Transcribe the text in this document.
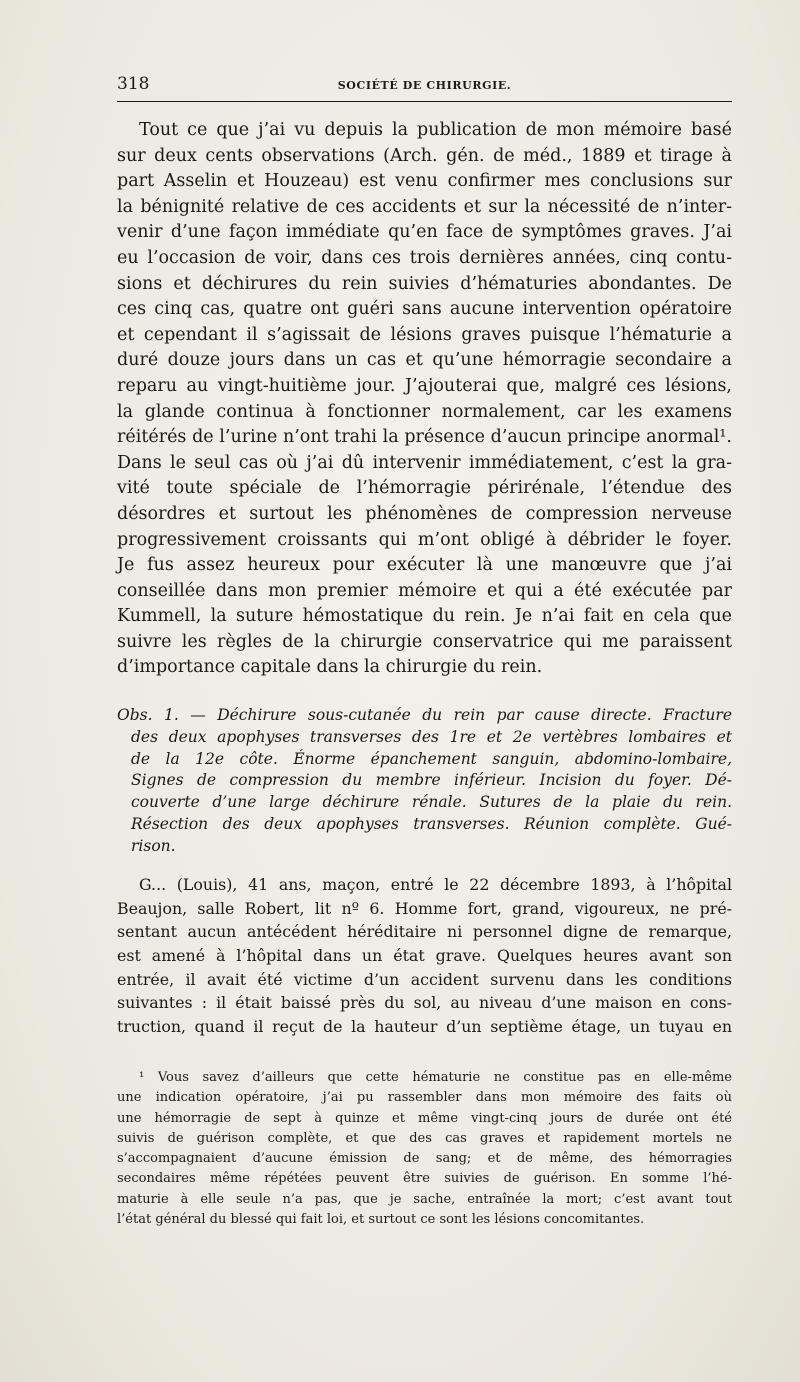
318	SOCIÉTÉ DE CHIRURGIE.
Tout ce que j’ai vu depuis la publication de mon mémoire basé
sur deux cents observations (Arch. gén. de méd., 1889 et tirage à
part Asselin et Houzeau) est venu confirmer mes conclusions sur
la bénignité relative de ces accidents et sur la nécessité de n’inter-
venir d’une façon immédiate qu’en face de symptômes graves. J’ai
eu l’occasion de voir, dans ces trois dernières années, cinq contu-
sions et déchirures du rein suivies d’hématuries abondantes. De
ces cinq cas, quatre ont guéri sans aucune intervention opératoire
et cependant il s’agissait de lésions graves puisque l’hématurie a
duré douze jours dans un cas et qu’une hémorragie secondaire a
reparu au vingt-huitième jour. J’ajouterai que, malgré ces lésions,
la glande continua à fonctionner normalement, car les examens
réitérés de l’urine n’ont trahi la présence d’aucun principe anormal¹.
Dans le seul cas où j’ai dû intervenir immédiatement, c’est la gra-
vité toute spéciale de l’hémorragie périrénale, l’étendue des
désordres et surtout les phénomènes de compression nerveuse
progressivement croissants qui m’ont obligé à débrider le foyer.
Je fus assez heureux pour exécuter là une manœuvre que j’ai
conseillée dans mon premier mémoire et qui a été exécutée par
Kummell, la suture hémostatique du rein. Je n’ai fait en cela que
suivre les règles de la chirurgie conservatrice qui me paraissent
d’importance capitale dans la chirurgie du rein.
Obs. 1. — Déchirure sous-cutanée du rein par cause directe. Fracture
des deux apophyses transverses des 1re et 2e vertèbres lombaires et
de la 12e côte. Énorme épanchement sanguin, abdomino-lombaire,
Signes de compression du membre inférieur. Incision du foyer. Dé-
couverte d’une large déchirure rénale. Sutures de la plaie du rein.
Résection des deux apophyses transverses. Réunion complète. Gué-
rison.
G... (Louis), 41 ans, maçon, entré le 22 décembre 1893, à l’hôpital
Beaujon, salle Robert, lit nº 6. Homme fort, grand, vigoureux, ne pré-
sentant aucun antécédent héréditaire ni personnel digne de remarque,
est amené à l’hôpital dans un état grave. Quelques heures avant son
entrée, il avait été victime d’un accident survenu dans les conditions
suivantes : il était baissé près du sol, au niveau d’une maison en cons-
truction, quand il reçut de la hauteur d’un septième étage, un tuyau en
¹ Vous savez d’ailleurs que cette hématurie ne constitue pas en elle-même
une indication opératoire, j’ai pu rassembler dans mon mémoire des faits où
une hémorragie de sept à quinze et même vingt-cinq jours de durée ont été
suivis de guérison complète, et que des cas graves et rapidement mortels ne
s’accompagnaient d’aucune émission de sang; et de même, des hémorragies
secondaires même répétées peuvent être suivies de guérison. En somme l’hé-
maturie à elle seule n’a pas, que je sache, entraînée la mort; c’est avant tout
l’état général du blessé qui fait loi, et surtout ce sont les lésions concomitantes.
